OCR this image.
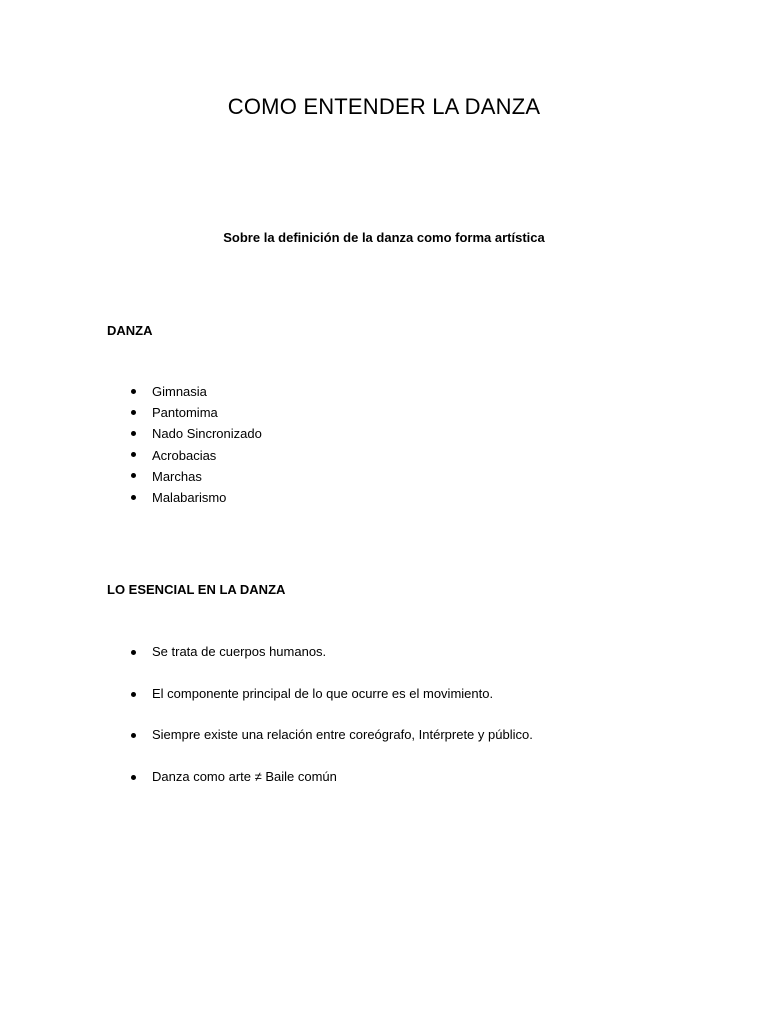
COMO ENTENDER LA DANZA

Sobre la definición de la danza como forma artística

DANZA

Gimnasia
Pantomima
Nado Sincronizado
Acrobacias
Marchas
Malabarismo

LO ESENCIAL EN LA DANZA

Se trata de cuerpos humanos.
El componente principal de lo que ocurre es el movimiento.
Siempre existe una relación entre coreógrafo, Intérprete y público.
Danza como arte ≠ Baile común
